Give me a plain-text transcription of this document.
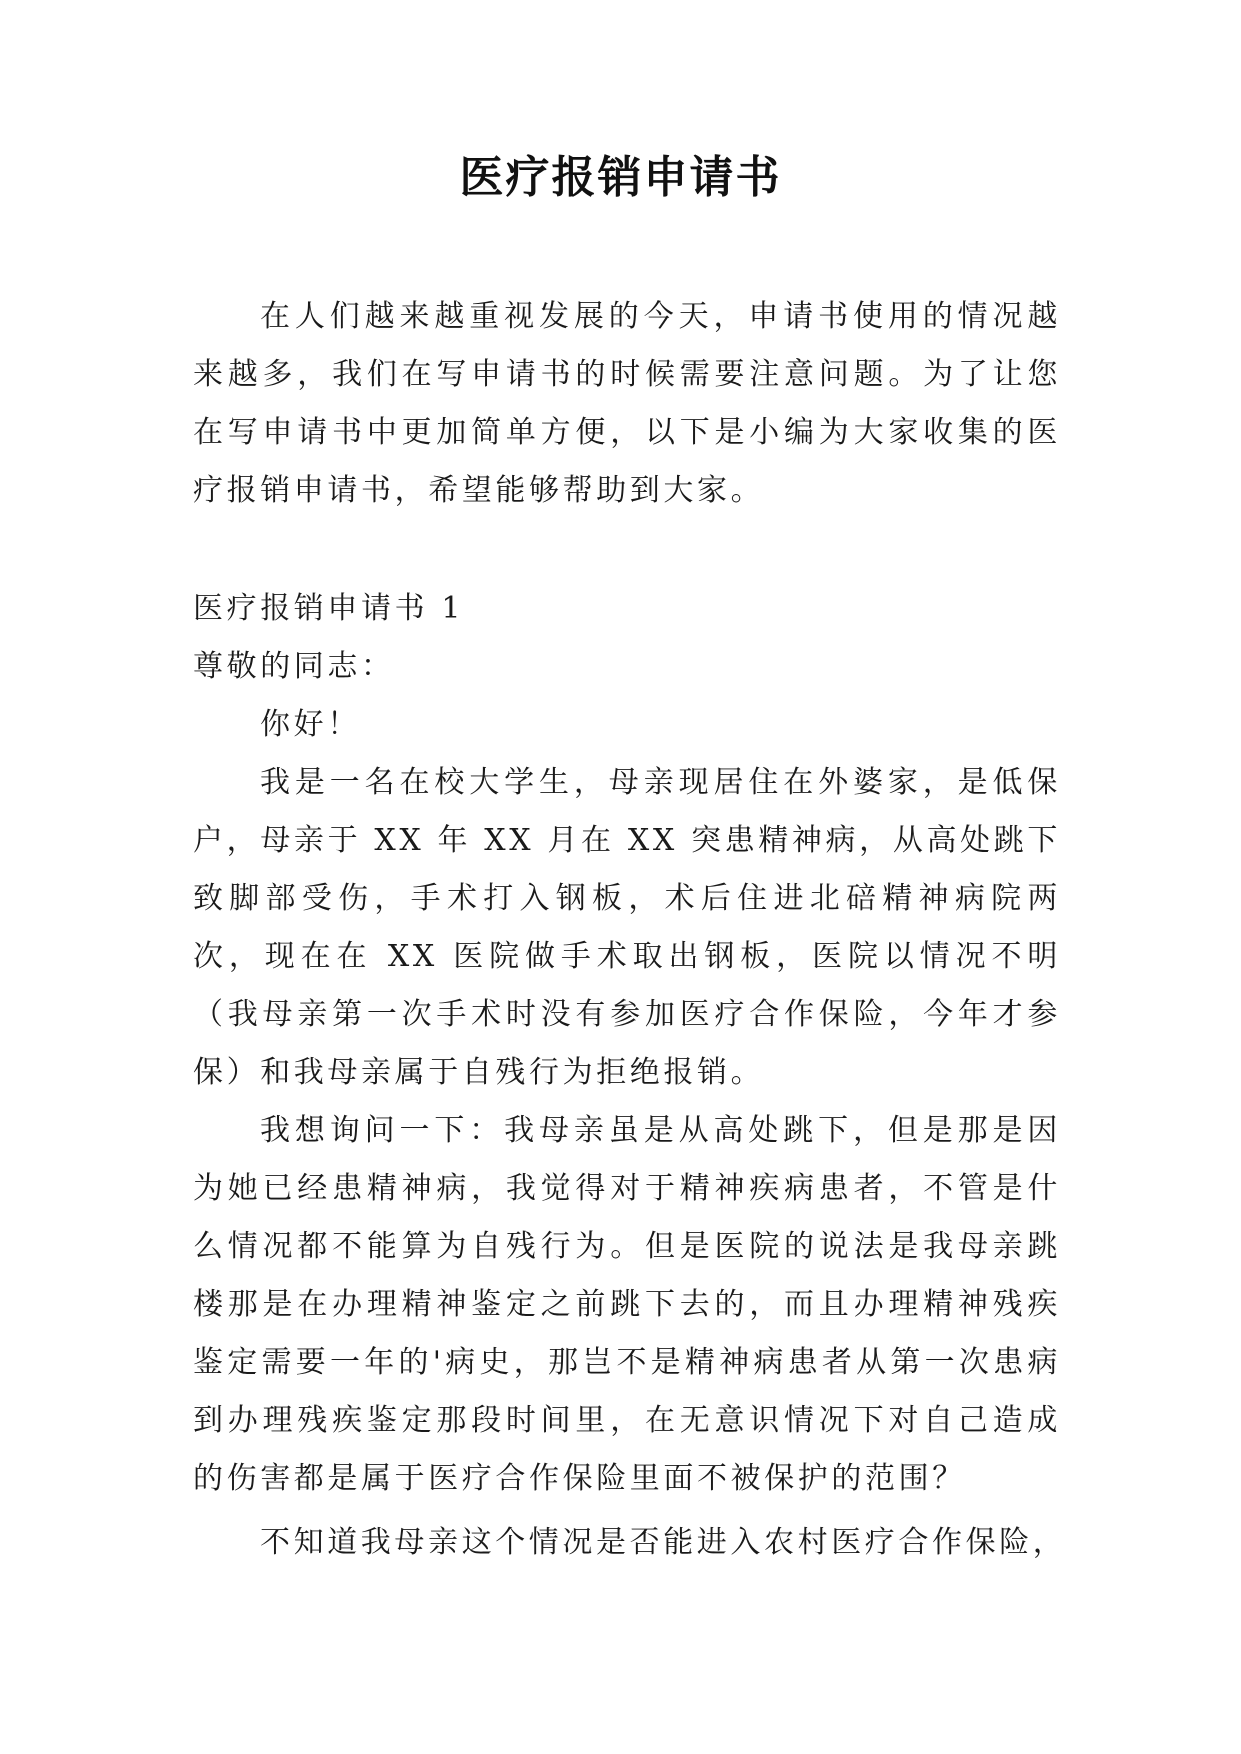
医疗报销申请书

在人们越来越重视发展的今天，申请书使用的情况越来越多，我们在写申请书的时候需要注意问题。为了让您在写申请书中更加简单方便，以下是小编为大家收集的医疗报销申请书，希望能够帮助到大家。

医疗报销申请书 1

尊敬的同志：

你好！

我是一名在校大学生，母亲现居住在外婆家，是低保户，母亲于 XX 年 XX 月在 XX 突患精神病，从高处跳下致脚部受伤，手术打入钢板，术后住进北碚精神病院两次，现在在 XX 医院做手术取出钢板，医院以情况不明（我母亲第一次手术时没有参加医疗合作保险，今年才参保）和我母亲属于自残行为拒绝报销。

我想询问一下：我母亲虽是从高处跳下，但是那是因为她已经患精神病，我觉得对于精神疾病患者，不管是什么情况都不能算为自残行为。但是医院的说法是我母亲跳楼那是在办理精神鉴定之前跳下去的，而且办理精神残疾鉴定需要一年的'病史，那岂不是精神病患者从第一次患病到办理残疾鉴定那段时间里，在无意识情况下对自己造成的伤害都是属于医疗合作保险里面不被保护的范围？

不知道我母亲这个情况是否能进入农村医疗合作保险，
